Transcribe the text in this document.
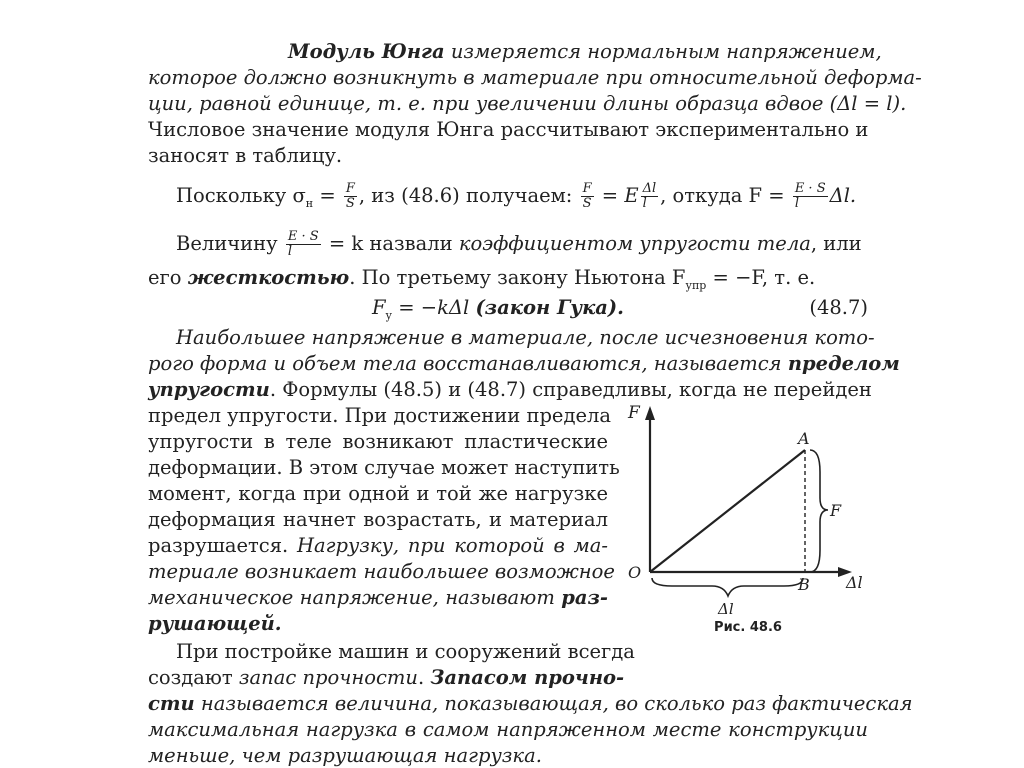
Модуль Юнга измеряется нормальным напряжением,
которое должно возникнуть в материале при относительной деформа-
ции, равной единице, т. е. при увеличении длины образца вдвое (Δl = l).
Числовое значение модуля Юнга рассчитывают экспериментально и
заносят в таблицу.
Поскольку $\sigma_н = \frac{F}{S}$ , из (48.6) получаем: $\frac{F}{S} = E \frac{\Delta l}{l}$ , откуда $F = \frac{E \cdot S}{l} \Delta l$.
Величину $\frac{E \cdot S}{l} = k$ назвали коэффициентом упругости тела, или
его жесткостью. По третьему закону Ньютона $F_{упр} = -F$, т. е.
$F_у = -k\Delta l$ (закон Гука).	(48.7)
Наибольшее напряжение в материале, после исчезновения кото-
рого форма и объем тела восстанавливаются, называется пределом
упругости. Формулы (48.5) и (48.7) справедливы, когда не перейден
предел упругости. При достижении предела
упругости в теле возникают пластические
деформации. В этом случае может наступить
момент, когда при одной и той же нагрузке
деформация начнет возрастать, и материал
разрушается. Нагрузку, при которой в ма-
териале возникает наибольшее возможное
механическое напряжение, называют раз-
рушающей.
При постройке машин и сооружений всегда
создают запас прочности. Запасом прочно-
сти называется величина, показывающая, во сколько раз фактическая
максимальная нагрузка в самом напряженном месте конструкции
меньше, чем разрушающая нагрузка.
F
A
F
O
B Δl
Δl
Рис. 48.6
